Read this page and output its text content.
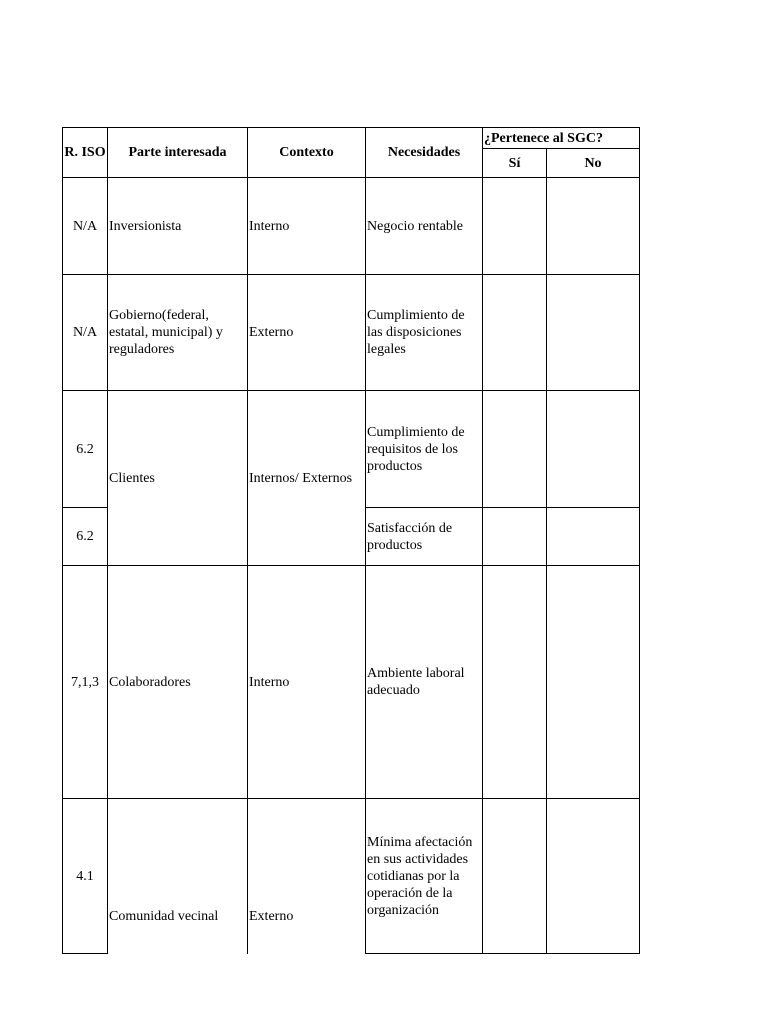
R. ISO	Parte interesada	Contexto	Necesidades	¿Pertenece al SGC?	
				Sí	No

N/A	Inversionista	Interno	Negocio rentable		

N/A	Gobierno(federal,
estatal, municipal) y
reguladores	Externo	Cumplimiento de
las disposiciones
legales		

6.2	Clientes	Internos/ Externos	Cumplimiento de
requisitos de los
productos		

6.2			Satisfacción de
productos		

7,1,3	Colaboradores	Interno	Ambiente laboral
adecuado		

4.1	Comunidad vecinal	Externo	Mínima afectación
en sus actividades
cotidianas por la
operación de la
organización		
